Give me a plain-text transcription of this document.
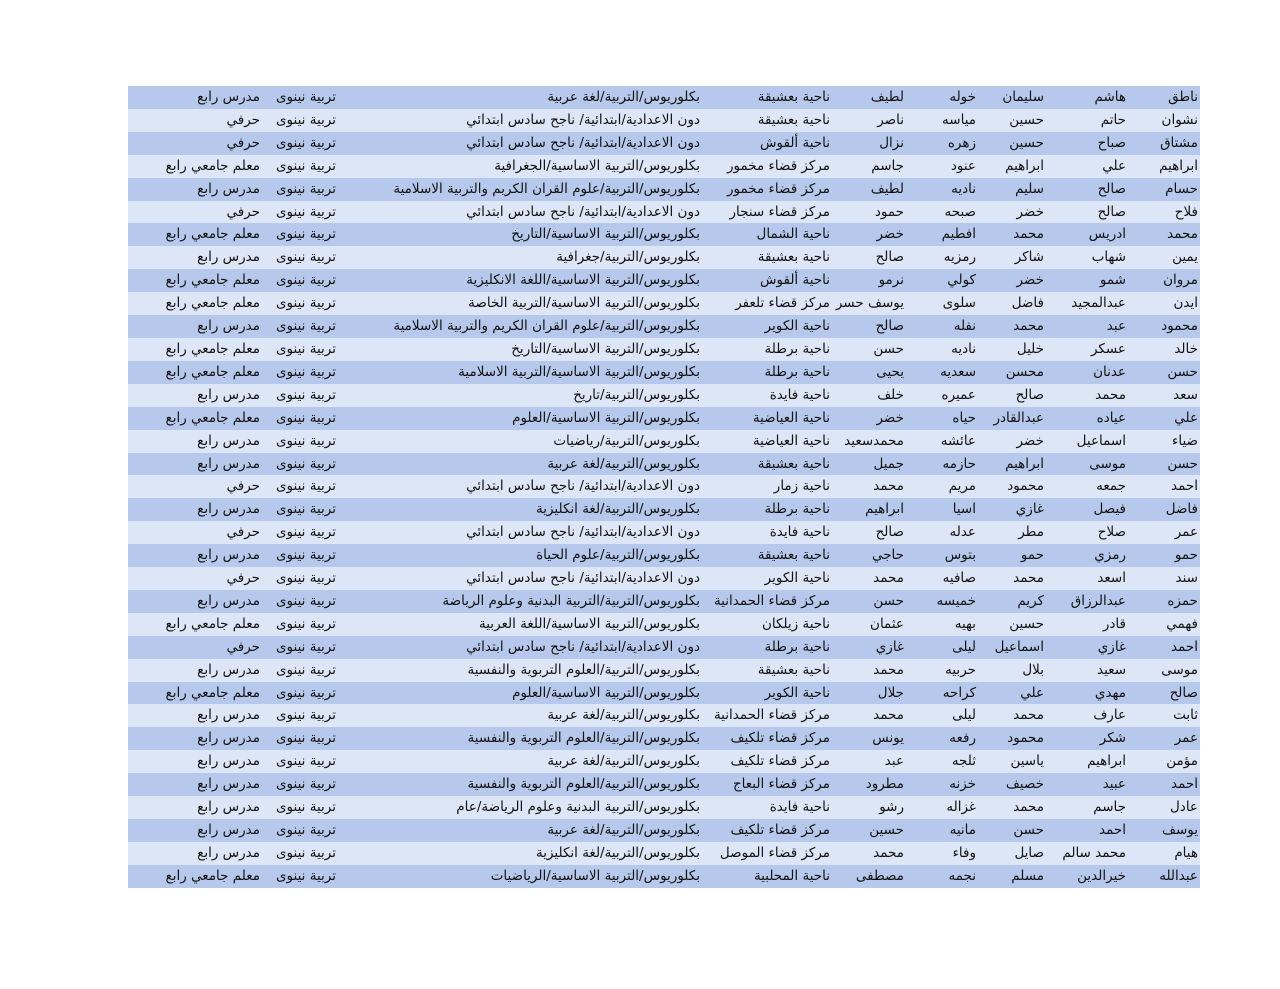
ناطق	هاشم	سليمان	خوله	لطيف	ناحية بعشيقة	بكلوريوس/التربية/لغة عربية	تربية نينوى	مدرس رابع
نشوان	حاتم	حسين	مياسه	ناصر	ناحية بعشيقة	دون الاعدادية/ابتدائية/ ناجح سادس ابتدائي	تربية نينوى	حرفي
مشتاق	صباح	حسين	زهره	نزال	ناحية ألقوش	دون الاعدادية/ابتدائية/ ناجح سادس ابتدائي	تربية نينوى	حرفي
ابراهيم	علي	ابراهيم	عنود	جاسم	مركز قضاء مخمور	بكلوريوس/التربية الاساسية/الجغرافية	تربية نينوى	معلم جامعي رابع
حسام	صالح	سليم	ناديه	لطيف	مركز قضاء مخمور	بكلوريوس/التربية/علوم القران الكريم والتربية الاسلامية	تربية نينوى	مدرس رابع
فلاح	صالح	خضر	صبحه	حمود	مركز قضاء سنجار	دون الاعدادية/ابتدائية/ ناجح سادس ابتدائي	تربية نينوى	حرفي
محمد	ادريس	محمد	افطيم	خضر	ناحية الشمال	بكلوريوس/التربية الاساسية/التاريخ	تربية نينوى	معلم جامعي رابع
يمين	شهاب	شاكر	رمزيه	صالح	ناحية بعشيقة	بكلوريوس/التربية/جغرافية	تربية نينوى	مدرس رابع
مروان	شمو	خضر	كولي	نرمو	ناحية ألقوش	بكلوريوس/التربية الاساسية/اللغة الانكليزية	تربية نينوى	معلم جامعي رابع
ايدن	عبدالمجيد	فاضل	سلوى	يوسف حسر	مركز قضاء تلعفر	بكلوريوس/التربية الاساسية/التربية الخاصة	تربية نينوى	معلم جامعي رابع
محمود	عبد	محمد	نفله	صالح	ناحية الكوير	بكلوريوس/التربية/علوم القران الكريم والتربية الاسلامية	تربية نينوى	مدرس رابع
خالد	عسكر	خليل	ناديه	حسن	ناحية برطلة	بكلوريوس/التربية الاساسية/التاريخ	تربية نينوى	معلم جامعي رابع
حسن	عدنان	محسن	سعديه	يحيى	ناحية برطلة	بكلوريوس/التربية الاساسية/التربية الاسلامية	تربية نينوى	معلم جامعي رابع
سعد	محمد	صالح	عميره	خلف	ناحية فايدة	بكلوريوس/التربية/تاريخ	تربية نينوى	مدرس رابع
علي	عياده	عبدالقادر	حياه	خضر	ناحية العياضية	بكلوريوس/التربية الاساسية/العلوم	تربية نينوى	معلم جامعي رابع
ضياء	اسماعيل	خضر	عائشه	محمدسعيد	ناحية العياضية	بكلوريوس/التربية/رياضيات	تربية نينوى	مدرس رابع
حسن	موسى	ابراهيم	حازمه	جميل	ناحية بعشيقة	بكلوريوس/التربية/لغة عربية	تربية نينوى	مدرس رابع
احمد	جمعه	محمود	مريم	محمد	ناحية زمار	دون الاعدادية/ابتدائية/ ناجح سادس ابتدائي	تربية نينوى	حرفي
فاضل	فيصل	غازي	اسيا	ابراهيم	ناحية برطلة	بكلوريوس/التربية/لغة انكليزية	تربية نينوى	مدرس رابع
عمر	صلاح	مطر	عدله	صالح	ناحية فايدة	دون الاعدادية/ابتدائية/ ناجح سادس ابتدائي	تربية نينوى	حرفي
حمو	رمزي	حمو	بتوس	حاجي	ناحية بعشيقة	بكلوريوس/التربية/علوم الحياة	تربية نينوى	مدرس رابع
سند	اسعد	محمد	صافيه	محمد	ناحية الكوير	دون الاعدادية/ابتدائية/ ناجح سادس ابتدائي	تربية نينوى	حرفي
حمزه	عبدالرزاق	كريم	خميسه	حسن	مركز قضاء الحمدانية	بكلوريوس/التربية/التربية البدنية وعلوم الرياضة	تربية نينوى	مدرس رابع
فهمي	قادر	حسين	بهيه	عثمان	ناحية زيلكان	بكلوريوس/التربية الاساسية/اللغة العربية	تربية نينوى	معلم جامعي رابع
احمد	غازي	اسماعيل	ليلى	غازي	ناحية برطلة	دون الاعدادية/ابتدائية/ ناجح سادس ابتدائي	تربية نينوى	حرفي
موسى	سعيد	بلال	حربيه	محمد	ناحية بعشيقة	بكلوريوس/التربية/العلوم التربوية والنفسية	تربية نينوى	مدرس رابع
صالح	مهدي	علي	كراحه	جلال	ناحية الكوير	بكلوريوس/التربية الاساسية/العلوم	تربية نينوى	معلم جامعي رابع
ثابت	عارف	محمد	ليلى	محمد	مركز قضاء الحمدانية	بكلوريوس/التربية/لغة عربية	تربية نينوى	مدرس رابع
عمر	شكر	محمود	رفعه	يونس	مركز قضاء تلكيف	بكلوريوس/التربية/العلوم التربوية والنفسية	تربية نينوى	مدرس رابع
مؤمن	ابراهيم	ياسين	ثلجه	عبد	مركز قضاء تلكيف	بكلوريوس/التربية/لغة عربية	تربية نينوى	مدرس رابع
احمد	عبيد	خصيف	خزنه	مطرود	مركز قضاء البعاج	بكلوريوس/التربية/العلوم التربوية والنفسية	تربية نينوى	مدرس رابع
عادل	جاسم	محمد	غزاله	رشو	ناحية فايدة	بكلوريوس/التربية البدنية وعلوم الرياضة/عام	تربية نينوى	مدرس رابع
يوسف	احمد	حسن	مانيه	حسين	مركز قضاء تلكيف	بكلوريوس/التربية/لغة عربية	تربية نينوى	مدرس رابع
هيام	محمد سالم	صايل	وفاء	محمد	مركز قضاء الموصل	بكلوريوس/التربية/لغة انكليزية	تربية نينوى	مدرس رابع
عبدالله	خيرالدين	مسلم	نجمه	مصطفى	ناحية المحلبية	بكلوريوس/التربية الاساسية/الرياضيات	تربية نينوى	معلم جامعي رابع
